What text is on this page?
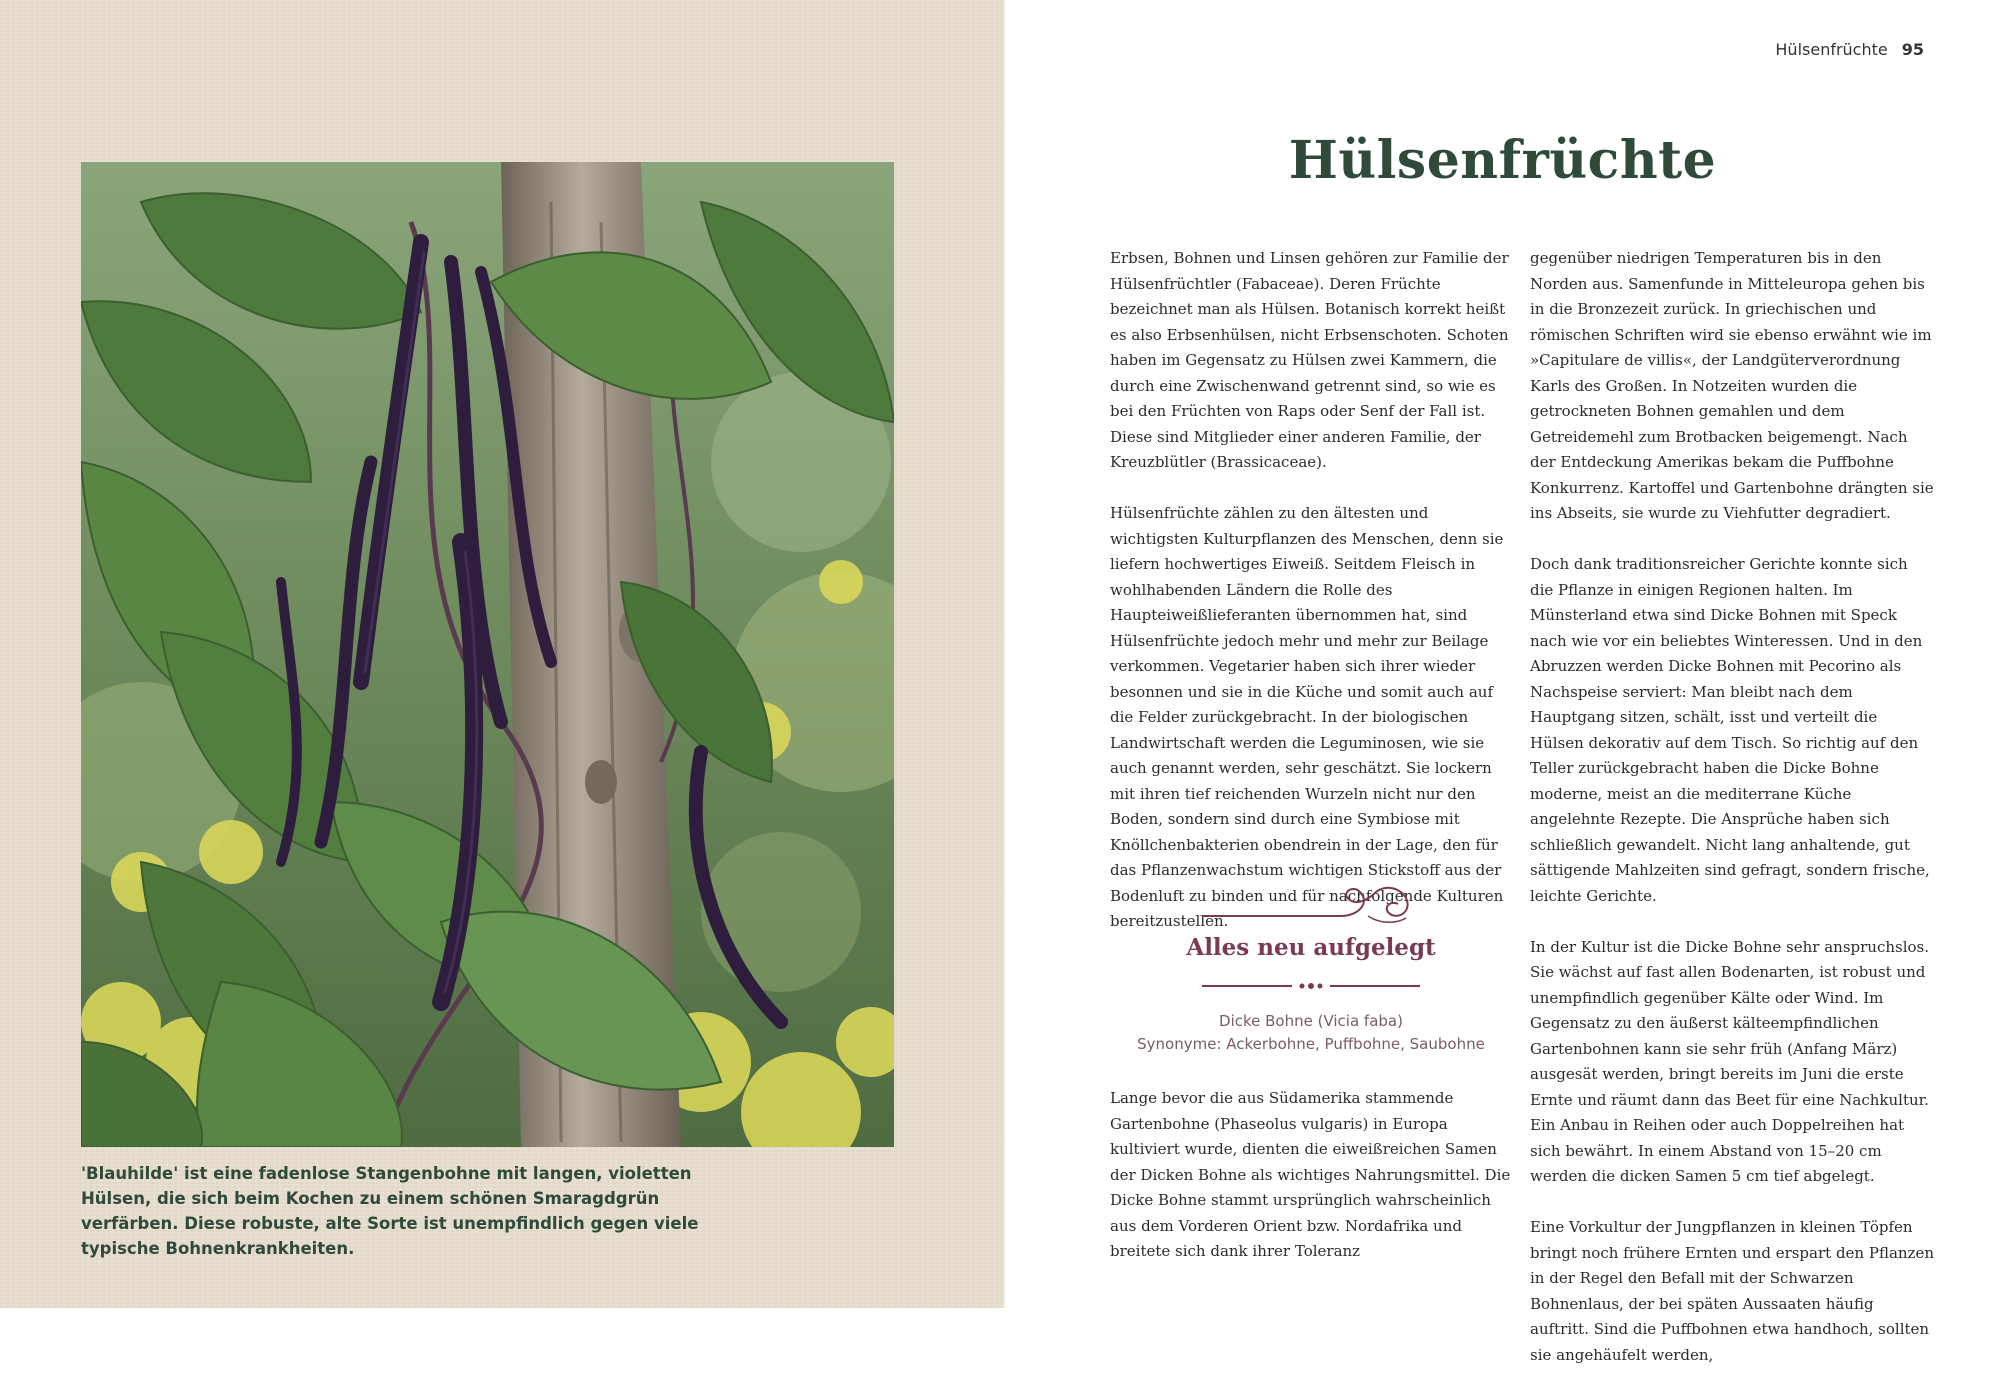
'Blauhilde' ist eine fadenlose Stangenbohne mit langen, violetten Hülsen, die sich beim Kochen zu einem schönen Smaragdgrün verfärben. Diese robuste, alte Sorte ist unempfindlich gegen viele typische Bohnenkrankheiten.
Hülsenfrüchte 95
Hülsenfrüchte

Erbsen, Bohnen und Linsen gehören zur Familie der Hülsenfrüchtler (Fabaceae). Deren Früchte bezeichnet man als Hülsen. Botanisch korrekt heißt es also Erbsenhülsen, nicht Erbsenschoten. Schoten haben im Gegensatz zu Hülsen zwei Kammern, die durch eine Zwischenwand getrennt sind, so wie es bei den Früchten von Raps oder Senf der Fall ist. Diese sind Mitglieder einer anderen Familie, der Kreuzblütler (Brassicaceae).

Hülsenfrüchte zählen zu den ältesten und wichtigsten Kulturpflanzen des Menschen, denn sie liefern hochwertiges Eiweiß. Seitdem Fleisch in wohlhabenden Ländern die Rolle des Haupteiweißlieferanten übernommen hat, sind Hülsenfrüchte jedoch mehr und mehr zur Beilage verkommen. Vegetarier haben sich ihrer wieder besonnen und sie in die Küche und somit auch auf die Felder zurückgebracht. In der biologischen Landwirtschaft werden die Leguminosen, wie sie auch genannt werden, sehr geschätzt. Sie lockern mit ihren tief reichenden Wurzeln nicht nur den Boden, sondern sind durch eine Symbiose mit Knöllchenbakterien obendrein in der Lage, den für das Pflanzenwachstum wichtigen Stickstoff aus der Bodenluft zu binden und für nachfolgende Kulturen bereitzustellen.

Alles neu aufgelegt
Dicke Bohne (Vicia faba)
Synonyme: Ackerbohne, Puffbohne, Saubohne

Lange bevor die aus Südamerika stammende Gartenbohne (Phaseolus vulgaris) in Europa kultiviert wurde, dienten die eiweißreichen Samen der Dicken Bohne als wichtiges Nahrungsmittel. Die Dicke Bohne stammt ursprünglich wahrscheinlich aus dem Vorderen Orient bzw. Nordafrika und breitete sich dank ihrer Toleranz

gegenüber niedrigen Temperaturen bis in den Norden aus. Samenfunde in Mitteleuropa gehen bis in die Bronzezeit zurück. In griechischen und römischen Schriften wird sie ebenso erwähnt wie im »Capitulare de villis«, der Landgüterverordnung Karls des Großen. In Notzeiten wurden die getrockneten Bohnen gemahlen und dem Getreidemehl zum Brotbacken beigemengt. Nach der Entdeckung Amerikas bekam die Puffbohne Konkurrenz. Kartoffel und Gartenbohne drängten sie ins Abseits, sie wurde zu Viehfutter degradiert.

Doch dank traditionsreicher Gerichte konnte sich die Pflanze in einigen Regionen halten. Im Münsterland etwa sind Dicke Bohnen mit Speck nach wie vor ein beliebtes Winteressen. Und in den Abruzzen werden Dicke Bohnen mit Pecorino als Nachspeise serviert: Man bleibt nach dem Hauptgang sitzen, schält, isst und verteilt die Hülsen dekorativ auf dem Tisch. So richtig auf den Teller zurückgebracht haben die Dicke Bohne moderne, meist an die mediterrane Küche angelehnte Rezepte. Die Ansprüche haben sich schließlich gewandelt. Nicht lang anhaltende, gut sättigende Mahlzeiten sind gefragt, sondern frische, leichte Gerichte.

In der Kultur ist die Dicke Bohne sehr anspruchslos. Sie wächst auf fast allen Bodenarten, ist robust und unempfindlich gegenüber Kälte oder Wind. Im Gegensatz zu den äußerst kälteempfindlichen Gartenbohnen kann sie sehr früh (Anfang März) ausgesät werden, bringt bereits im Juni die erste Ernte und räumt dann das Beet für eine Nachkultur. Ein Anbau in Reihen oder auch Doppelreihen hat sich bewährt. In einem Abstand von 15–20 cm werden die dicken Samen 5 cm tief abgelegt.

Eine Vorkultur der Jungpflanzen in kleinen Töpfen bringt noch frühere Ernten und erspart den Pflanzen in der Regel den Befall mit der Schwarzen Bohnenlaus, der bei späten Aussaaten häufig auftritt. Sind die Puffbohnen etwa handhoch, sollten sie angehäufelt werden,
